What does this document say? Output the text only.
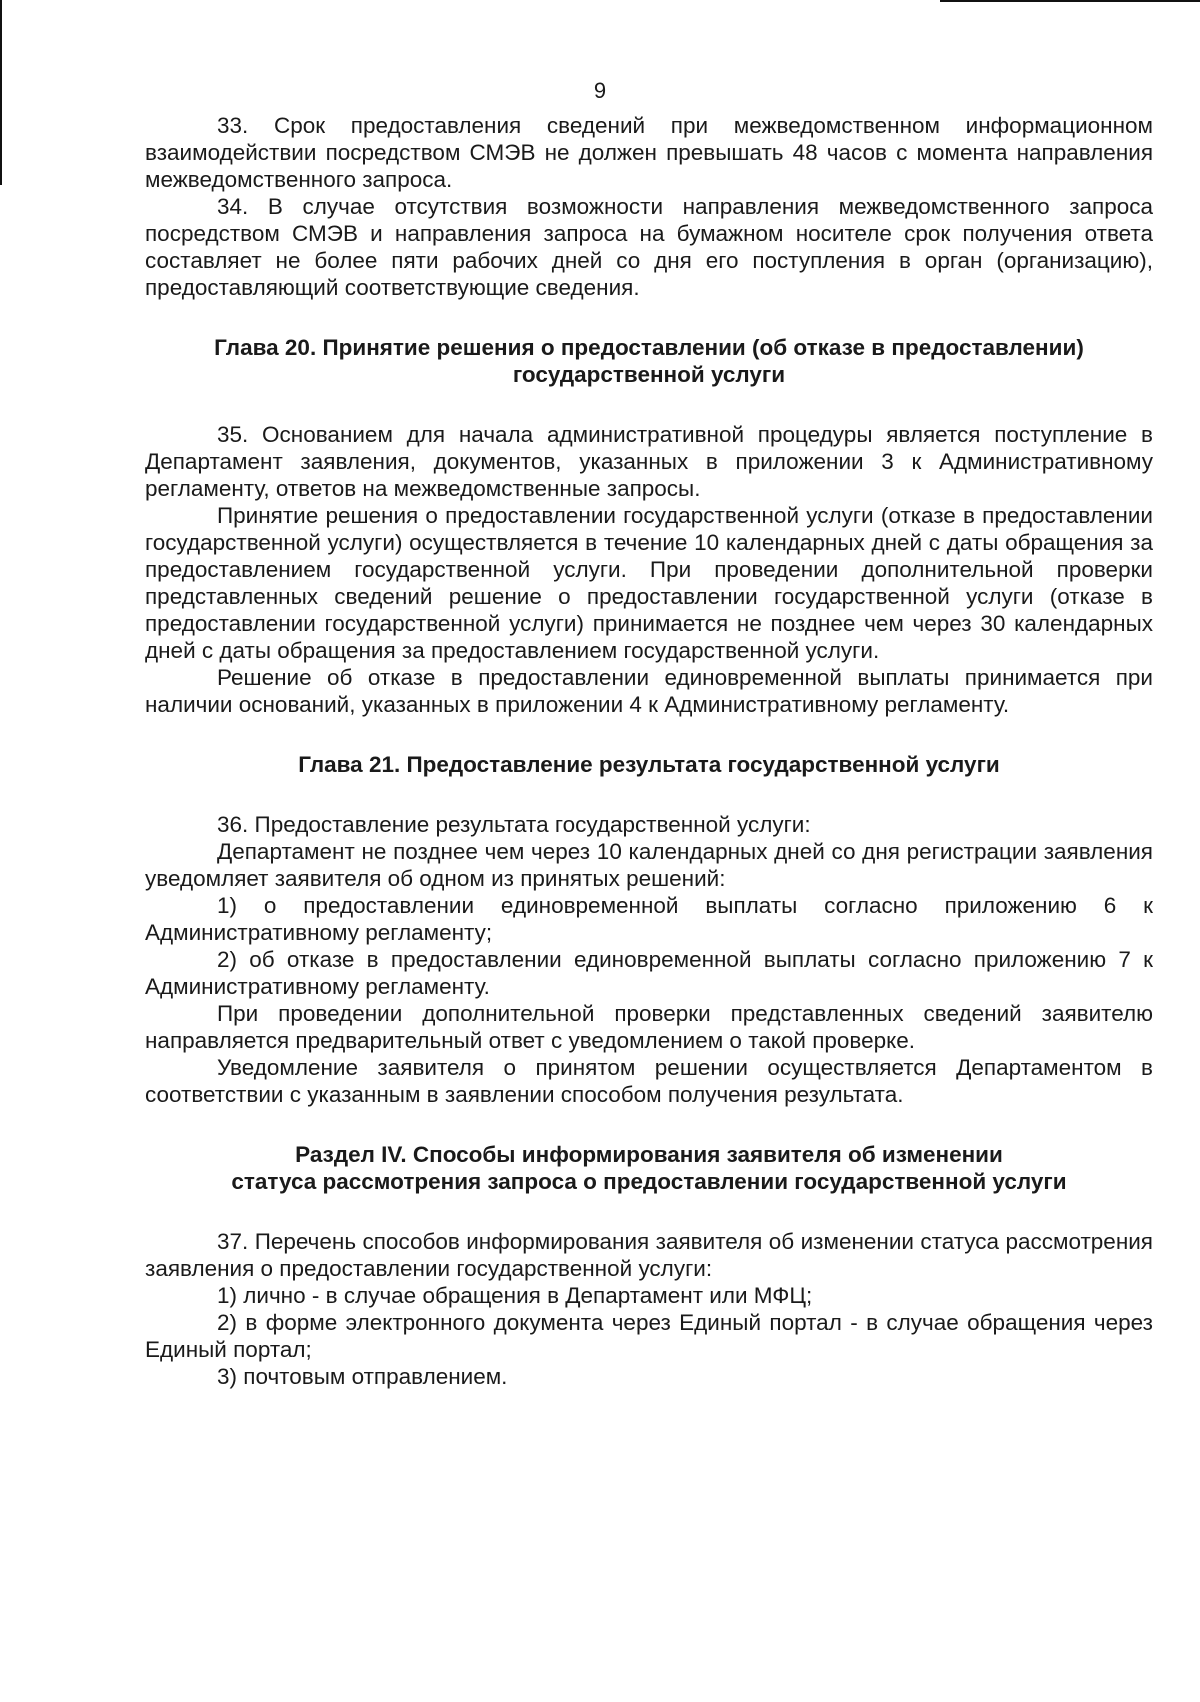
9

33. Срок предоставления сведений при межведомственном информационном взаимодействии посредством СМЭВ не должен превышать 48 часов с момента направления межведомственного запроса.

34. В случае отсутствия возможности направления межведомственного запроса посредством СМЭВ и направления запроса на бумажном носителе срок получения ответа составляет не более пяти рабочих дней со дня его поступления в орган (организацию), предоставляющий соответствующие сведения.

Глава 20. Принятие решения о предоставлении (об отказе в предоставлении)

государственной услуги

35. Основанием для начала административной процедуры является поступление в Департамент заявления, документов, указанных в приложении 3 к Административному регламенту, ответов на межведомственные запросы.

Принятие решения о предоставлении государственной услуги (отказе в предоставлении государственной услуги) осуществляется в течение 10 календарных дней с даты обращения за предоставлением государственной услуги. При проведении дополнительной проверки представленных сведений решение о предоставлении государственной услуги (отказе в предоставлении государственной услуги) принимается не позднее чем через 30 календарных дней с даты обращения за предоставлением государственной услуги.

Решение об отказе в предоставлении единовременной выплаты принимается при наличии оснований, указанных в приложении 4 к Административному регламенту.

Глава 21. Предоставление результата государственной услуги

36. Предоставление результата государственной услуги:

Департамент не позднее чем через 10 календарных дней со дня регистрации заявления уведомляет заявителя об одном из принятых решений:

1) о предоставлении единовременной выплаты согласно приложению 6 к Административному регламенту;

2) об отказе в предоставлении единовременной выплаты согласно приложению 7 к Административному регламенту.

При проведении дополнительной проверки представленных сведений заявителю направляется предварительный ответ с уведомлением о такой проверке.

Уведомление заявителя о принятом решении осуществляется Департаментом в соответствии с указанным в заявлении способом получения результата.

Раздел IV. Способы информирования заявителя об изменении

статуса рассмотрения запроса о предоставлении государственной услуги

37. Перечень способов информирования заявителя об изменении статуса рассмотрения заявления о предоставлении государственной услуги:

1) лично - в случае обращения в Департамент или МФЦ;

2) в форме электронного документа через Единый портал - в случае обращения через Единый портал;

3) почтовым отправлением.
